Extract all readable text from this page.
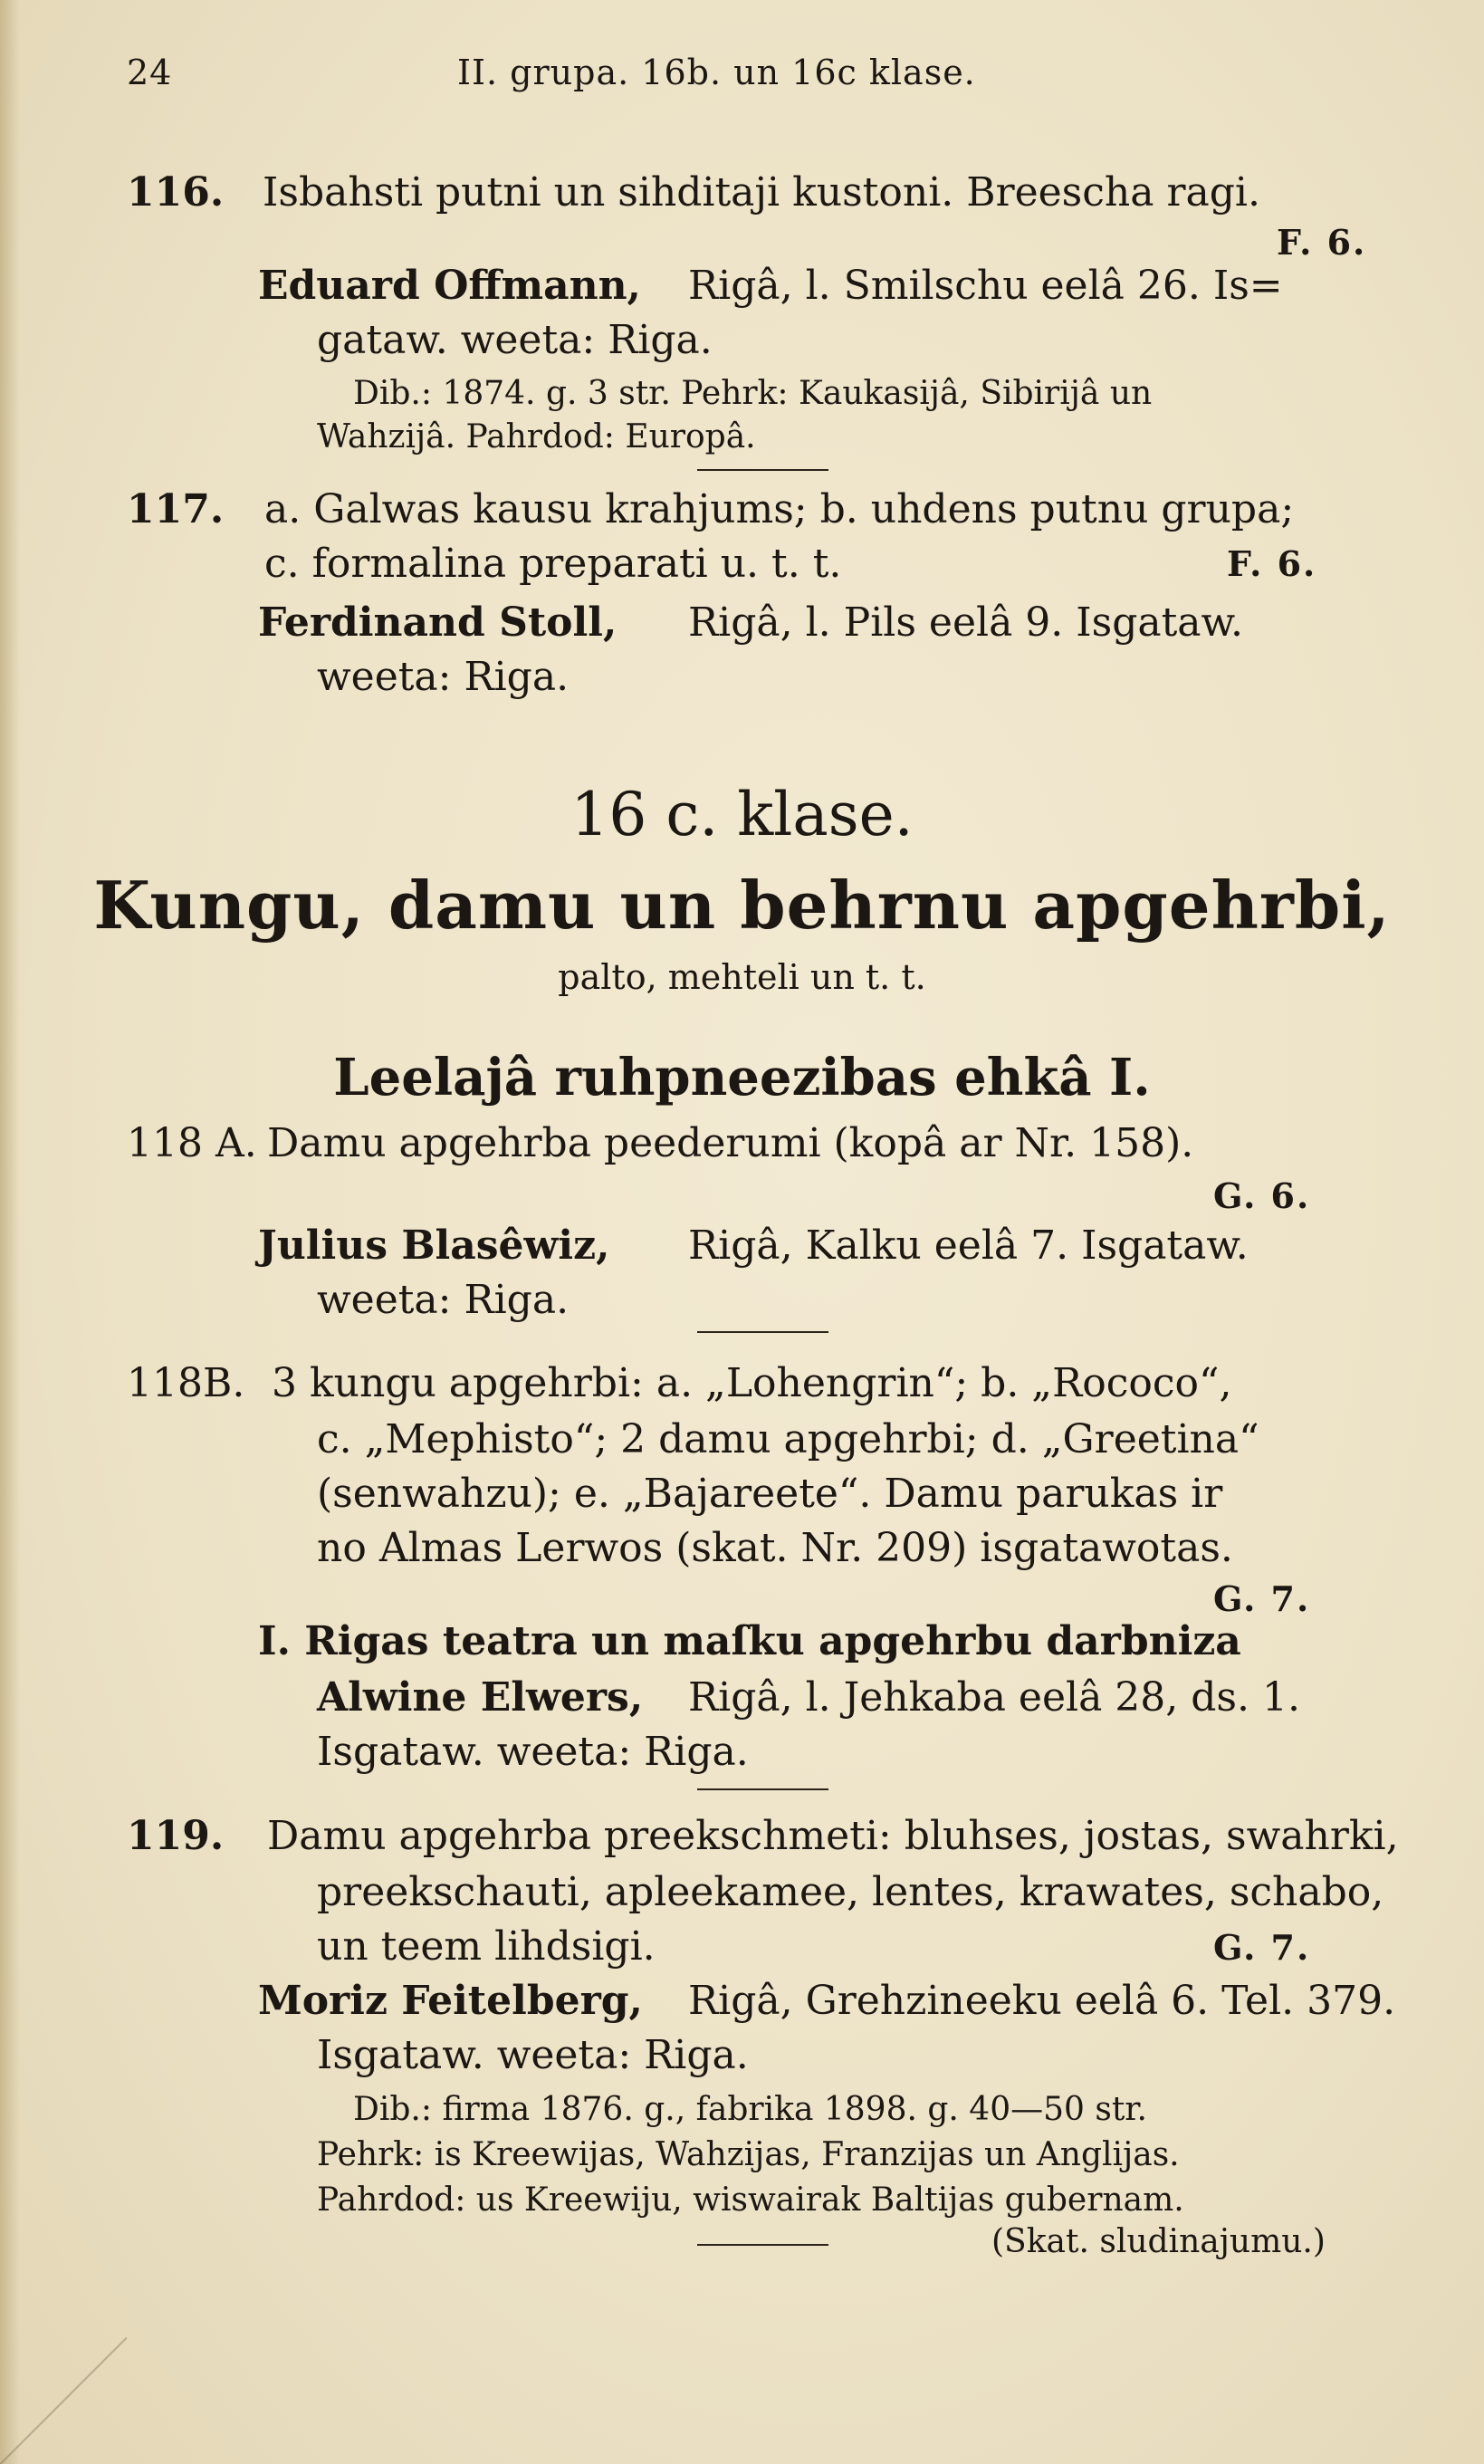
24	II. grupa. 16b. un 16c klase.
116. Isbahsti putni un sihditaji kustoni. Breescha ragi.
F. 6.
Eduard Offmann, Rigâ, l. Smilschu eelâ 26. Is=
gataw. weeta: Riga.
Dib.: 1874. g. 3 str. Pehrk: Kaukasijâ, Sibirijâ un
Wahzijâ. Pahrdod: Europâ.
117. a. Galwas kausu krahjums; b. uhdens putnu grupa;
c. formalina preparati u. t. t.	F. 6.
Ferdinand Stoll, Rigâ, l. Pils eelâ 9. Isgataw.
weeta: Riga.
16 c. klase.
Kungu, damu un behrnu apgehrbi,
palto, mehteli un t. t.
Leelajâ ruhpneezibas ehkâ I.
118 A. Damu apgehrba peederumi (kopâ ar Nr. 158).
G. 6.
Julius Blasêwiz, Rigâ, Kalku eelâ 7. Isgataw.
weeta: Riga.
118B. 3 kungu apgehrbi: a. „Lohengrin“; b. „Rococo“,
c. „Mephisto“; 2 damu apgehrbi; d. „Greetina“
(senwahzu); e. „Bajareete“. Damu parukas ir
no Almas Lerwos (skat. Nr. 209) isgatawotas.
G. 7.
I. Rigas teatra un maſku apgehrbu darbniza
Alwine Elwers, Rigâ, l. Jehkaba eelâ 28, ds. 1.
Isgataw. weeta: Riga.
119. Damu apgehrba preekschmeti: bluhses, jostas, swahrki,
preekschauti, apleekamee, lentes, krawates, schabo,
un teem lihdsigi.	G. 7.
Moriz Feitelberg, Rigâ, Grehzineeku eelâ 6. Tel. 379.
Isgataw. weeta: Riga.
Dib.: firma 1876. g., fabrika 1898. g. 40—50 str.
Pehrk: is Kreewijas, Wahzijas, Franzijas un Anglijas.
Pahrdod: us Kreewiju, wiswairak Baltijas gubernam.
(Skat. sludinajumu.)
